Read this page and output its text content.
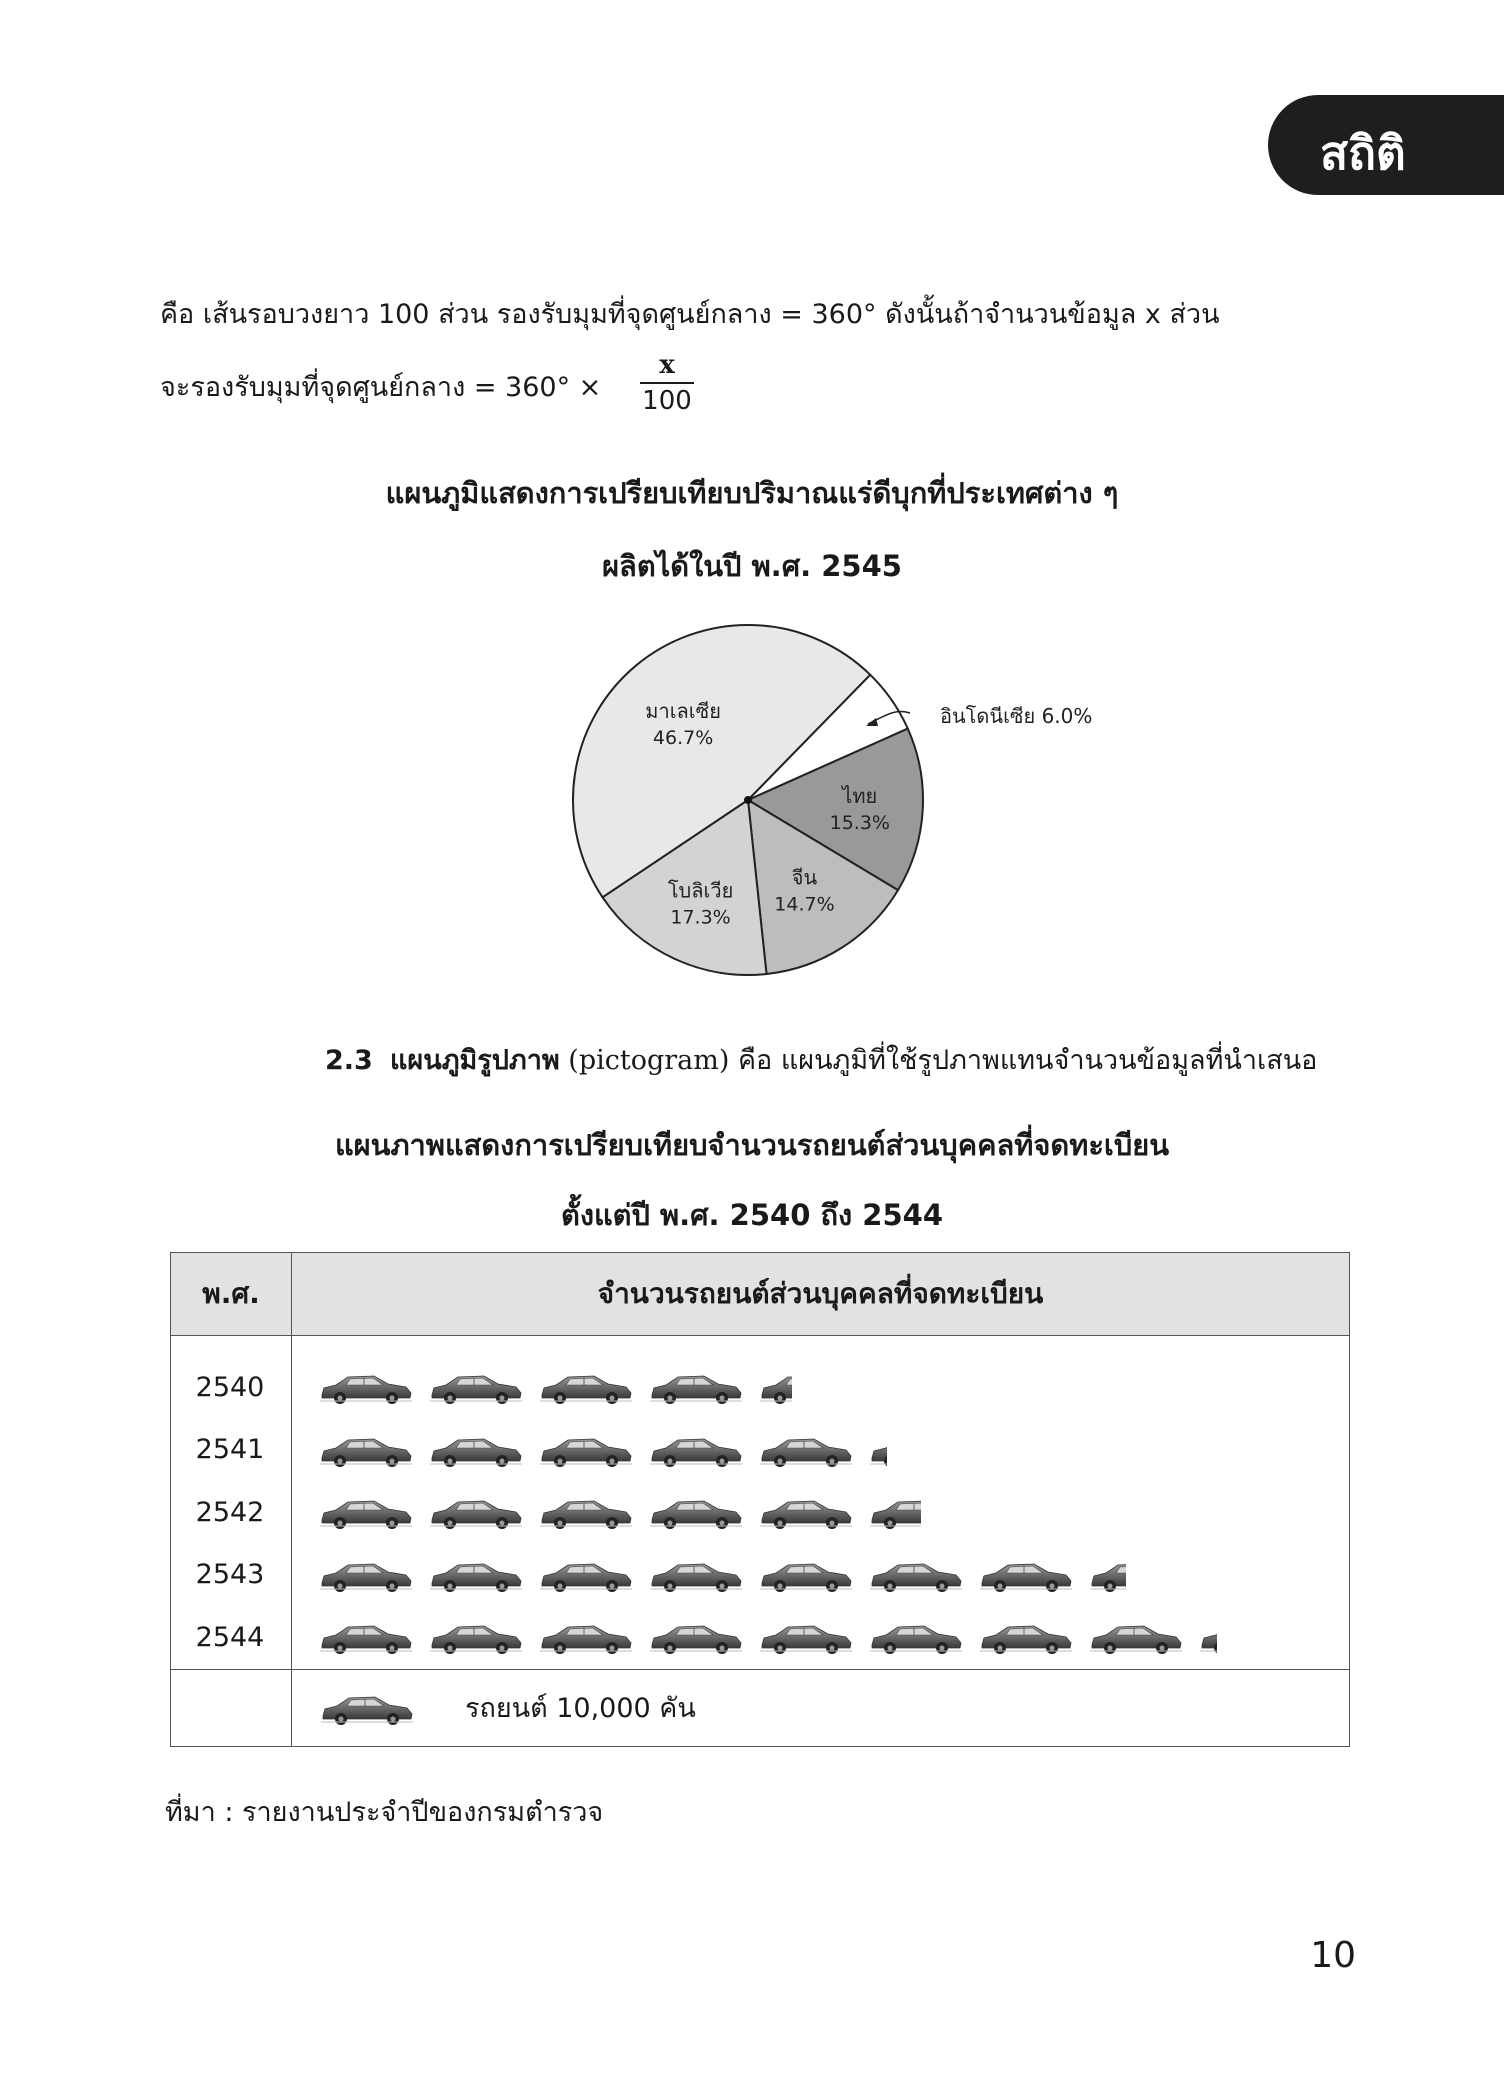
สถิติ
คือ เส้นรอบวงยาว 100 ส่วน รองรับมุมที่จุดศูนย์กลาง = 360° ดังนั้นถ้าจำนวนข้อมูล x ส่วน
จะรองรับมุมที่จุดศูนย์กลาง = 360° ×
x
100
แผนภูมิแสดงการเปรียบเทียบปริมาณแร่ดีบุกที่ประเทศต่าง ๆ
ผลิตได้ในปี พ.ศ. 2545
มาเลเซีย
46.7%
ไทย
15.3%
จีน
14.7%
โบลิเวีย
17.3%
อินโดนีเซีย 6.0%
2.3 แผนภูมิรูปภาพ (pictogram) คือ แผนภูมิที่ใช้รูปภาพแทนจำนวนข้อมูลที่นำเสนอ
แผนภาพแสดงการเปรียบเทียบจำนวนรถยนต์ส่วนบุคคลที่จดทะเบียน
ตั้งแต่ปี พ.ศ. 2540 ถึง 2544
พ.ศ.	จำนวนรถยนต์ส่วนบุคคลที่จดทะเบียน

2540
2541
2542
2543
2544

	รถยนต์ 10,000 คัน
ที่มา : รายงานประจำปีของกรมตำรวจ
10
